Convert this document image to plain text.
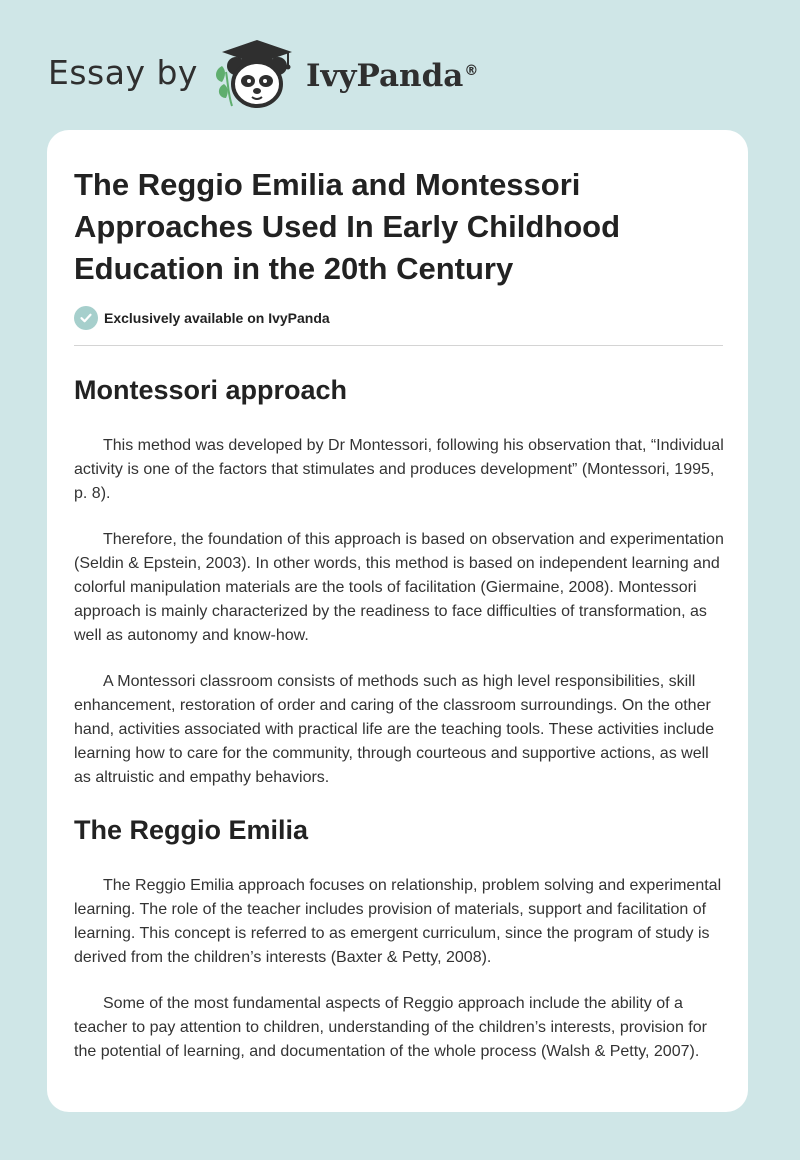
Essay by	IvyPanda®
The Reggio Emilia and Montessori Approaches Used In Early Childhood Education in the 20th Century
Exclusively available on IvyPanda
Montessori approach

This method was developed by Dr Montessori, following his observation that, “Individual activity is one of the factors that stimulates and produces development” (Montessori, 1995, p. 8).

Therefore, the foundation of this approach is based on observation and experimentation (Seldin & Epstein, 2003). In other words, this method is based on independent learning and colorful manipulation materials are the tools of facilitation (Giermaine, 2008). Montessori approach is mainly characterized by the readiness to face difficulties of transformation, as well as autonomy and know-how.

A Montessori classroom consists of methods such as high level responsibilities, skill enhancement, restoration of order and caring of the classroom surroundings. On the other hand, activities associated with practical life are the teaching tools. These activities include learning how to care for the community, through courteous and supportive actions, as well as altruistic and empathy behaviors.

The Reggio Emilia

The Reggio Emilia approach focuses on relationship, problem solving and experimental learning. The role of the teacher includes provision of materials, support and facilitation of learning. This concept is referred to as emergent curriculum, since the program of study is derived from the children’s interests (Baxter & Petty, 2008).

Some of the most fundamental aspects of Reggio approach include the ability of a teacher to pay attention to children, understanding of the children’s interests, provision for the potential of learning, and documentation of the whole process (Walsh & Petty, 2007).
